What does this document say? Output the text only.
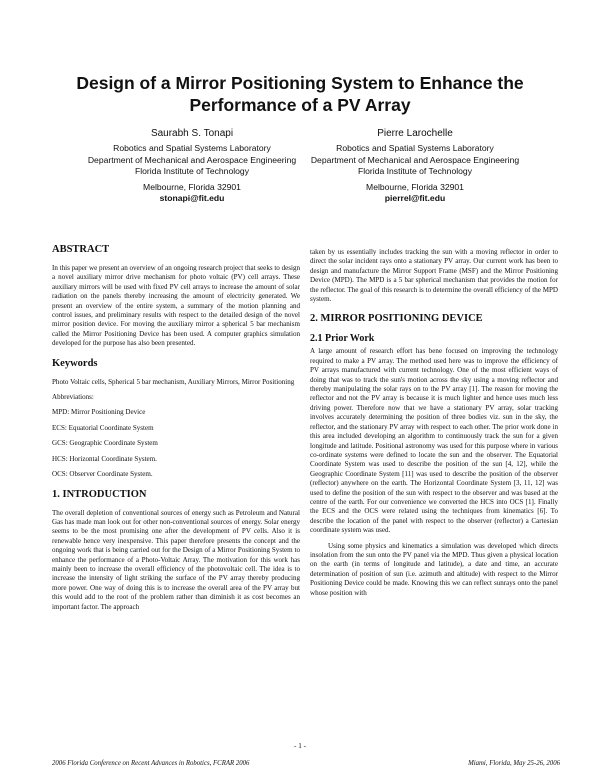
Design of a Mirror Positioning System to Enhance the
Performance of a PV Array
Saurabh S. Tonapi
Robotics and Spatial Systems Laboratory
Department of Mechanical and Aerospace Engineering
Florida Institute of Technology
Melbourne, Florida 32901
stonapi@fit.edu
Pierre Larochelle
Robotics and Spatial Systems Laboratory
Department of Mechanical and Aerospace Engineering
Florida Institute of Technology
Melbourne, Florida 32901
pierrel@fit.edu
ABSTRACT

In this paper we present an overview of an ongoing research project that seeks to design a novel auxiliary mirror drive mechanism for photo voltaic (PV) cell arrays. These auxiliary mirrors will be used with fixed PV cell arrays to increase the amount of solar radiation on the panels thereby increasing the amount of electricity generated. We present an overview of the entire system, a summary of the motion planning and control issues, and preliminary results with respect to the detailed design of the novel mirror position device. For moving the auxiliary mirror a spherical 5 bar mechanism called the Mirror Positioning Device has been used. A computer graphics simulation developed for the purpose has also been presented.

Keywords

Photo Voltaic cells, Spherical 5 bar mechanism, Auxiliary Mirrors, Mirror Positioning

Abbreviations:

MPD: Mirror Positioning Device

ECS: Equatorial Coordinate System

GCS: Geographic Coordinate System

HCS: Horizontal Coordinate System.

OCS: Observer Coordinate System.

1. INTRODUCTION

The overall depletion of conventional sources of energy such as Petroleum and Natural Gas has made man look out for other non-conventional sources of energy. Solar energy seems to be the most promising one after the development of PV cells. Also it is renewable hence very inexpensive. This paper therefore presents the concept and the ongoing work that is being carried out for the Design of a Mirror Positioning System to enhance the performance of a Photo-Voltaic Array. The motivation for this work has mainly been to increase the overall efficiency of the photovoltaic cell. The idea is to increase the intensity of light striking the surface of the PV array thereby producing more power. One way of doing this is to increase the overall area of the PV array but this would add to the root of the problem rather than diminish it as cost becomes an important factor. The approach

taken by us essentially includes tracking the sun with a moving reflector in order to direct the solar incident rays onto a stationary PV array. Our current work has been to design and manufacture the Mirror Support Frame (MSF) and the Mirror Positioning Device (MPD). The MPD is a 5 bar spherical mechanism that provides the motion for the reflector. The goal of this research is to determine the overall efficiency of the MPD system.

2. MIRROR POSITIONING DEVICE
2.1 Prior Work

A large amount of research effort has bene focused on improving the technology required to make a PV array. The method used here was to improve the efficiency of PV arrays manufactured with current technology. One of the most efficient ways of doing that was to track the sun's motion across the sky using a moving reflector and thereby manipulating the solar rays on to the PV array [1]. The reason for moving the reflector and not the PV array is because it is much lighter and hence uses much less driving power. Therefore now that we have a stationary PV array, solar tracking involves accurately determining the position of three bodies viz. sun in the sky, the reflector, and the stationary PV array with respect to each other. The prior work done in this area included developing an algorithm to continuously track the sun for a given longitude and latitude. Positional astronomy was used for this purpose where in various co-ordinate systems were defined to locate the sun and the observer. The Equatorial Coordinate System was used to describe the position of the sun [4, 12], while the Geographic Coordinate System [11] was used to describe the position of the observer (reflector) anywhere on the earth. The Horizontal Coordinate System [3, 11, 12] was used to define the position of the sun with respect to the observer and was based at the centre of the earth. For our convenience we converted the HCS into OCS [1]. Finally the ECS and the OCS were related using the techniques from kinematics [6]. To describe the location of the panel with respect to the observer (reflector) a Cartesian coordinate system was used.

Using some physics and kinematics a simulation was developed which directs insolation from the sun onto the PV panel via the MPD. Thus given a physical location on the earth (in terms of longitude and latitude), a date and time, an accurate determination of position of sun (i.e. azimuth and altitude) with respect to the Mirror Positioning Device could be made. Knowing this we can reflect sunrays onto the panel whose position with

- 1 -
2006 Florida Conference on Recent Advances in Robotics, FCRAR 2006	Miami, Florida, May 25-26, 2006
